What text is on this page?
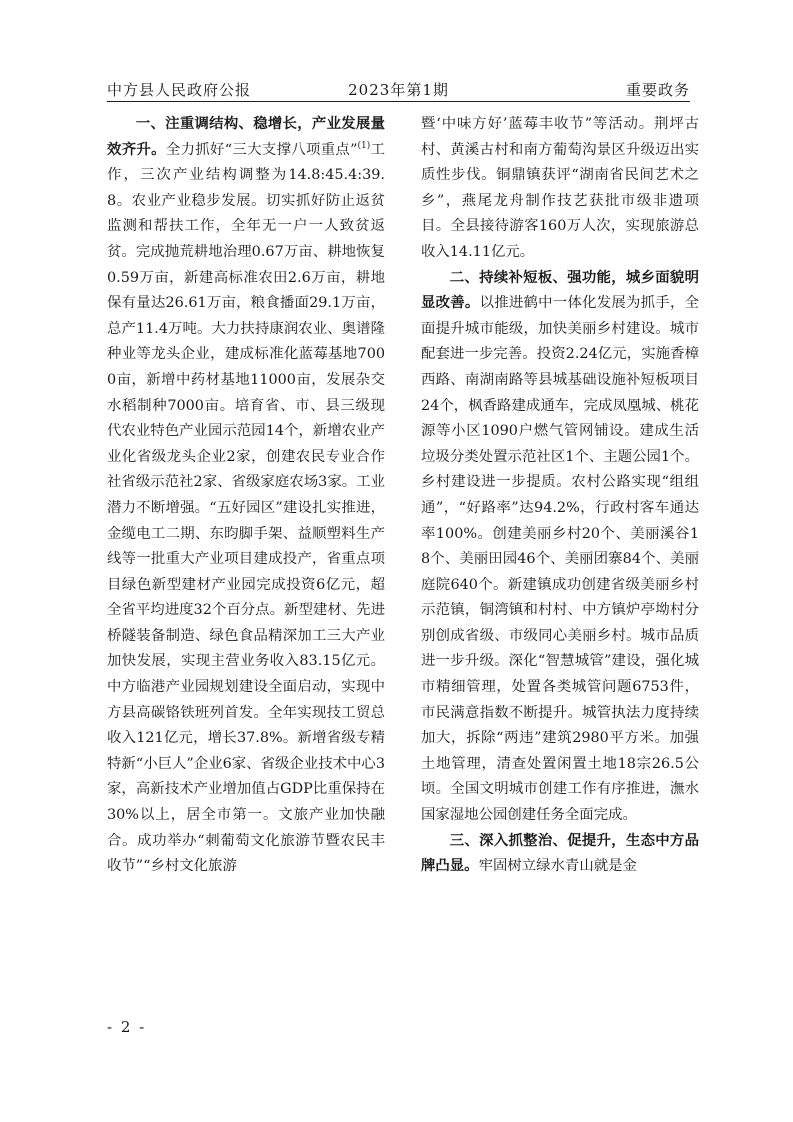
中方县人民政府公报	2023年第1期	重要政务

一、注重调结构、稳增长，产业发展量效齐升。全力抓好“三大支撑八项重点”$^{(1)}$工作，三次产业结构调整为14.8:45.4:39.8。农业产业稳步发展。切实抓好防止返贫监测和帮扶工作，全年无一户一人致贫返贫。完成抛荒耕地治理0.67万亩、耕地恢复0.59万亩，新建高标准农田2.6万亩，耕地保有量达26.61万亩，粮食播面29.1万亩，总产11.4万吨。大力扶持康润农业、奥谱隆种业等龙头企业，建成标准化蓝莓基地7000亩，新增中药材基地11000亩，发展杂交水稻制种7000亩。培育省、市、县三级现代农业特色产业园示范园14个，新增农业产业化省级龙头企业2家，创建农民专业合作社省级示范社2家、省级家庭农场3家。工业潜力不断增强。“五好园区”建设扎实推进，金缆电工二期、东昀脚手架、益顺塑料生产线等一批重大产业项目建成投产，省重点项目绿色新型建材产业园完成投资6亿元，超全省平均进度32个百分点。新型建材、先进桥隧装备制造、绿色食品精深加工三大产业加快发展，实现主营业务收入83.15亿元。中方临港产业园规划建设全面启动，实现中方县高碳铬铁班列首发。全年实现技工贸总收入121亿元，增长37.8%。新增省级专精特新“小巨人”企业6家、省级企业技术中心3家，高新技术产业增加值占GDP比重保持在30%以上，居全市第一。文旅产业加快融合。成功举办“刺葡萄文化旅游节暨农民丰收节”“乡村文化旅游

暨‘中味方好’蓝莓丰收节”等活动。荆坪古村、黄溪古村和南方葡萄沟景区升级迈出实质性步伐。铜鼎镇获评“湖南省民间艺术之乡”，燕尾龙舟制作技艺获批市级非遗项目。全县接待游客160万人次，实现旅游总收入14.11亿元。

二、持续补短板、强功能，城乡面貌明显改善。以推进鹤中一体化发展为抓手，全面提升城市能级，加快美丽乡村建设。城市配套进一步完善。投资2.24亿元，实施香樟西路、南湖南路等县城基础设施补短板项目24个，枫香路建成通车，完成凤凰城、桃花源等小区1090户燃气管网铺设。建成生活垃圾分类处置示范社区1个、主题公园1个。乡村建设进一步提质。农村公路实现“组组通”，“好路率”达94.2%，行政村客车通达率100%。创建美丽乡村20个、美丽溪谷18个、美丽田园46个、美丽团寨84个、美丽庭院640个。新建镇成功创建省级美丽乡村示范镇，铜湾镇和村村、中方镇炉亭坳村分别创成省级、市级同心美丽乡村。城市品质进一步升级。深化“智慧城管”建设，强化城市精细管理，处置各类城管问题6753件，市民满意指数不断提升。城管执法力度持续加大，拆除“两违”建筑2980平方米。加强土地管理，清查处置闲置土地18宗26.5公顷。全国文明城市创建工作有序推进，潕水国家湿地公园创建任务全面完成。

三、深入抓整治、促提升，生态中方品牌凸显。牢固树立绿水青山就是金

- 2 -
